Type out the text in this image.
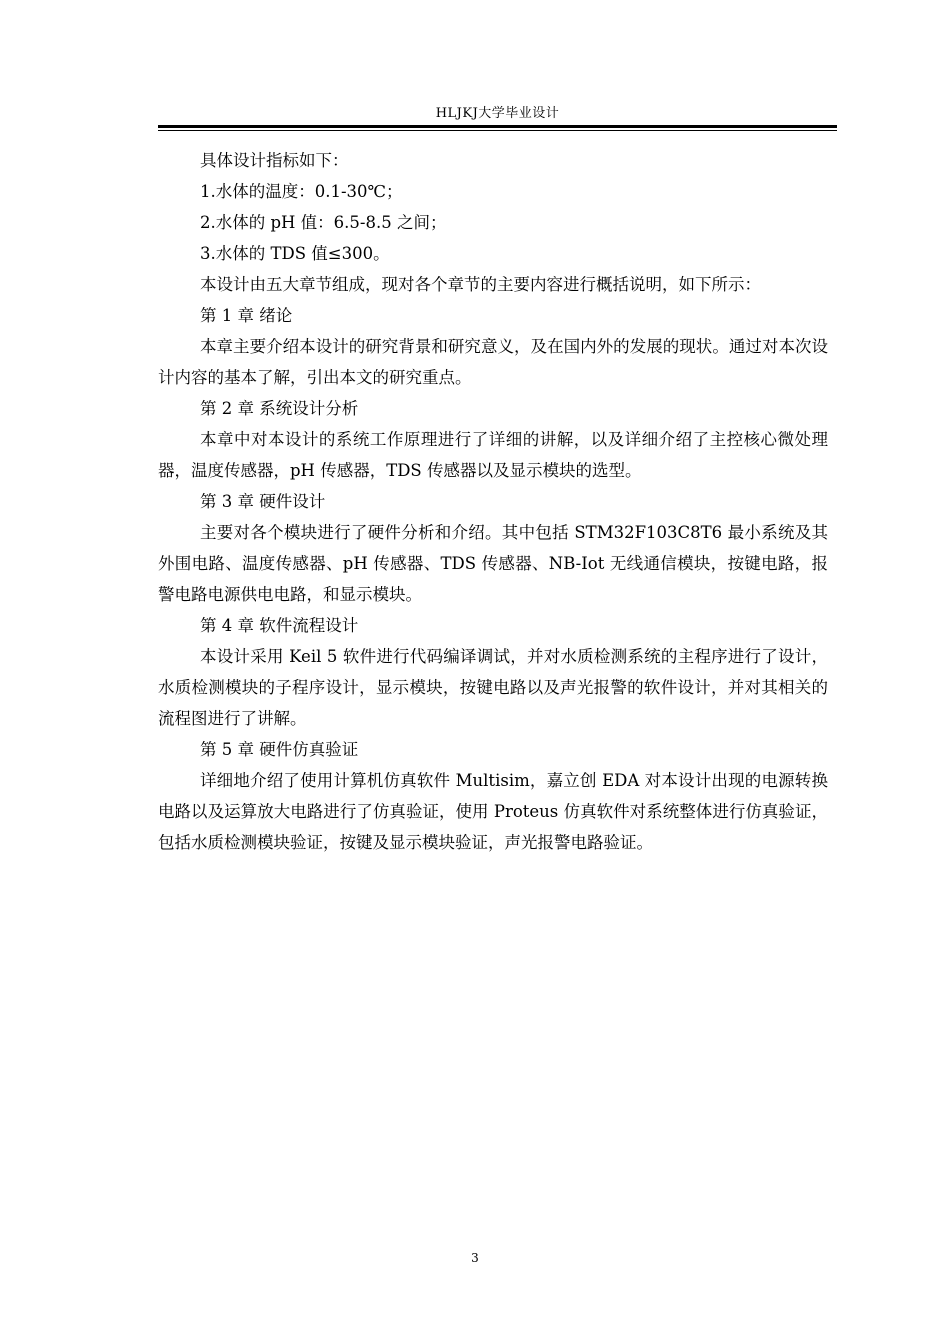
HLJKJ大学毕业设计

具体设计指标如下：

1.水体的温度：0.1-30℃；

2.水体的 pH 值：6.5-8.5 之间；

3.水体的 TDS 值≤300。

本设计由五大章节组成，现对各个章节的主要内容进行概括说明，如下所示：

第 1 章 绪论

本章主要介绍本设计的研究背景和研究意义，及在国内外的发展的现状。通过对本次设计内容的基本了解，引出本文的研究重点。

第 2 章 系统设计分析

本章中对本设计的系统工作原理进行了详细的讲解，以及详细介绍了主控核心微处理器，温度传感器，pH 传感器，TDS 传感器以及显示模块的选型。

第 3 章 硬件设计

主要对各个模块进行了硬件分析和介绍。其中包括 STM32F103C8T6 最小系统及其外围电路、温度传感器、pH 传感器、TDS 传感器、NB-Iot 无线通信模块，按键电路，报警电路电源供电电路，和显示模块。

第 4 章 软件流程设计

本设计采用 Keil 5 软件进行代码编译调试，并对水质检测系统的主程序进行了设计，水质检测模块的子程序设计，显示模块，按键电路以及声光报警的软件设计，并对其相关的流程图进行了讲解。

第 5 章 硬件仿真验证

详细地介绍了使用计算机仿真软件 Multisim，嘉立创 EDA 对本设计出现的电源转换电路以及运算放大电路进行了仿真验证，使用 Proteus 仿真软件对系统整体进行仿真验证，包括水质检测模块验证，按键及显示模块验证，声光报警电路验证。

3
